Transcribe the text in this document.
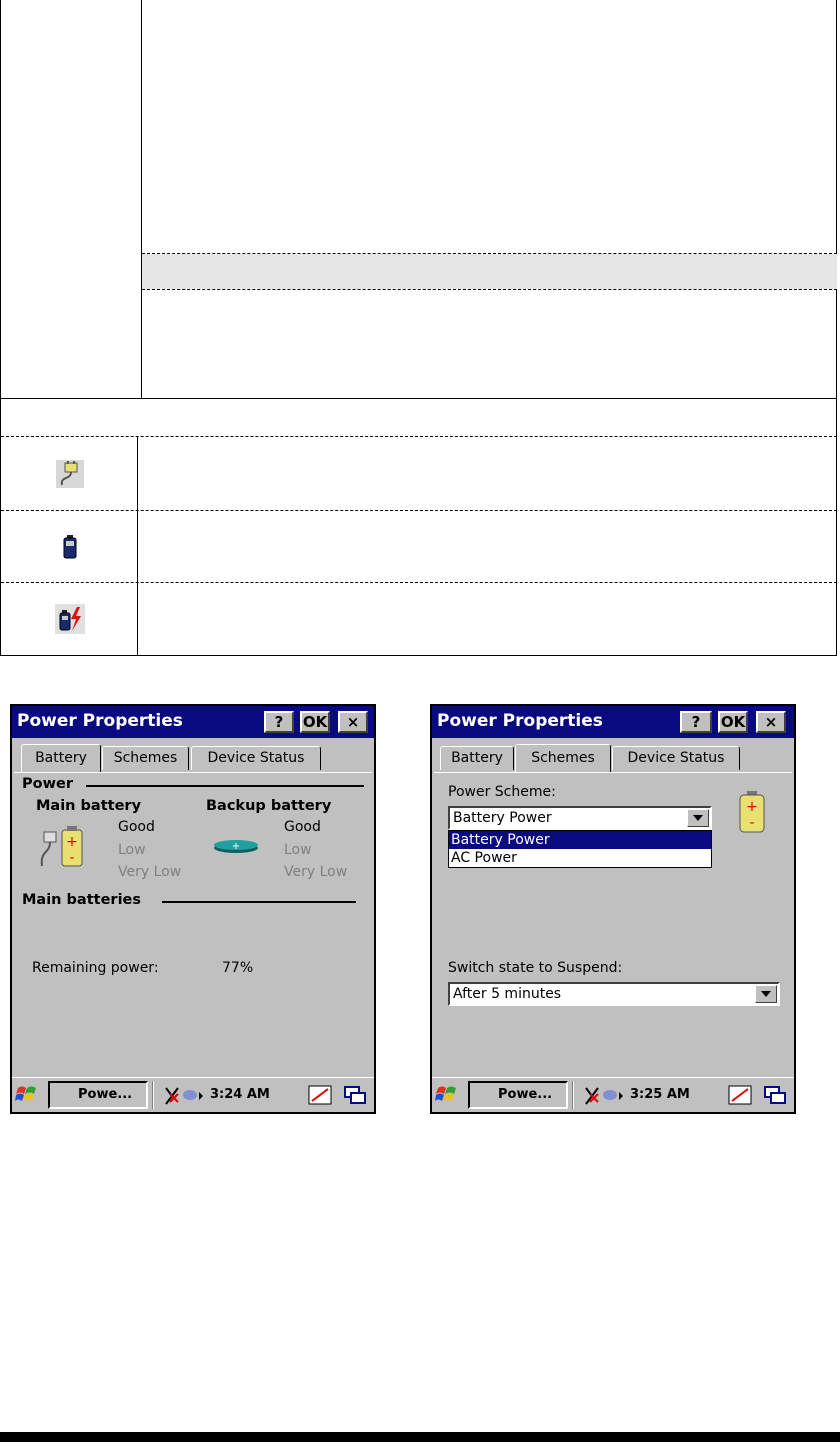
Power Properties	?	OK	×
Battery	Schemes	Device Status
Power
Main battery	Backup battery
+
-
Good
Low
Very Low
+
Good
Low
Very Low
Main batteries
Remaining power:	77%
Powe...	3:24 AM
Power Properties	?	OK	×
Battery	Schemes	Device Status
Power Scheme:
Battery Power
Battery Power
AC Power
+
-
Switch state to Suspend:
After 5 minutes
Powe...	3:25 AM
